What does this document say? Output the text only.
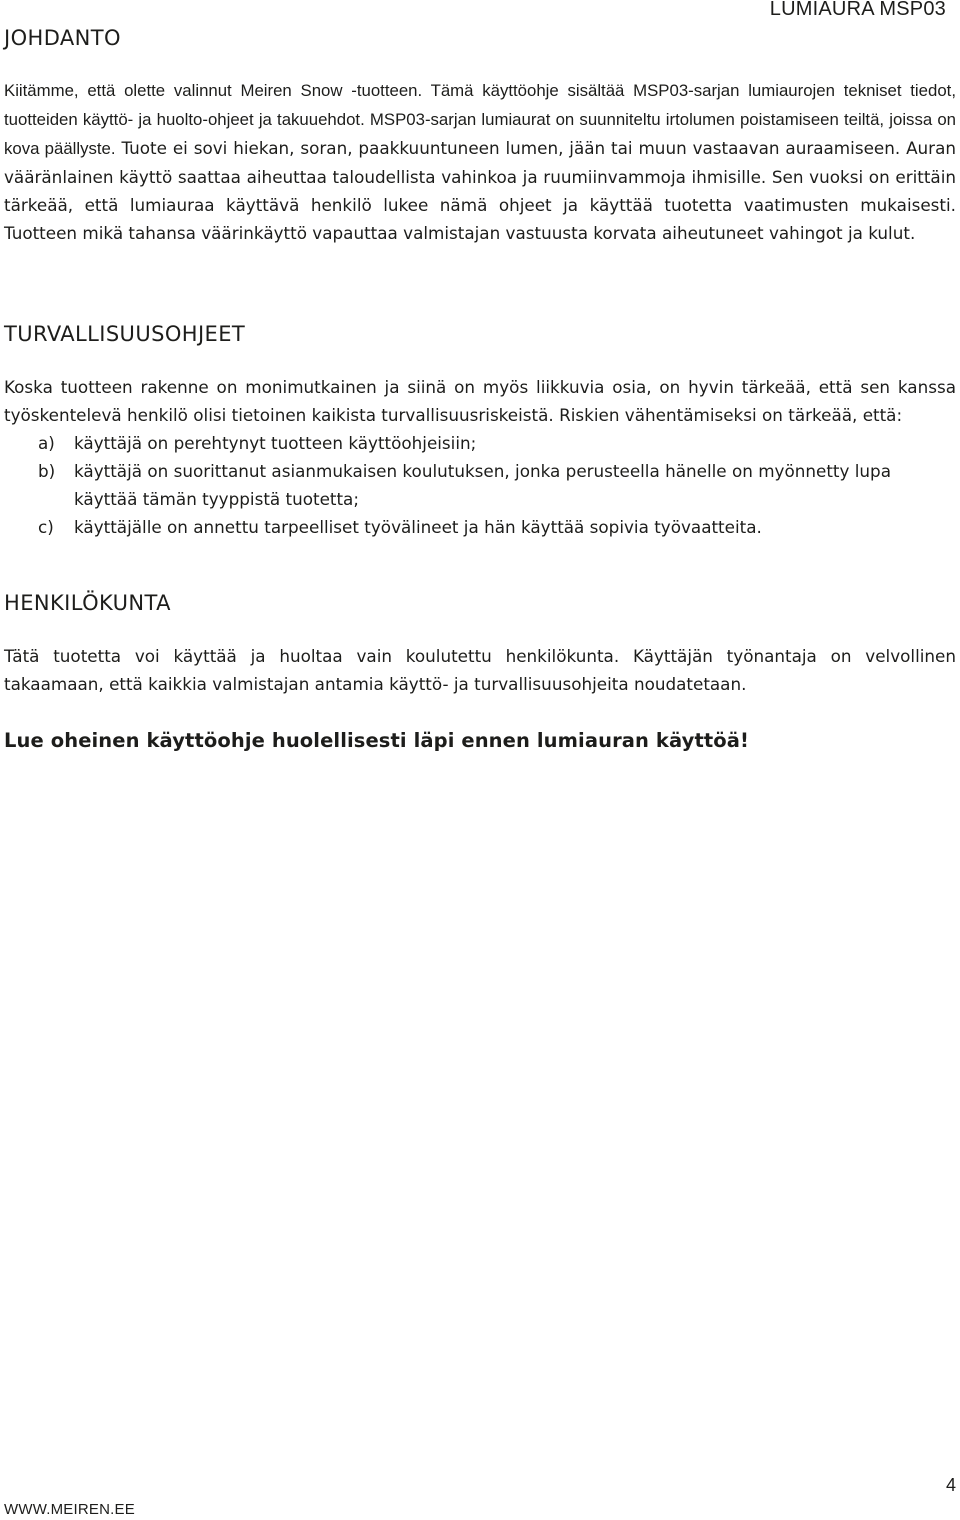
LUMIAURA MSP03
JOHDANTO

Kiitämme, että olette valinnut Meiren Snow -tuotteen. Tämä käyttöohje sisältää MSP03-sarjan lumiaurojen tekniset tiedot, tuotteiden käyttö- ja huolto-ohjeet ja takuuehdot. MSP03-sarjan lumiaurat on suunniteltu irtolumen poistamiseen teiltä, joissa on kova päällyste. Tuote ei sovi hiekan, soran, paakkuuntuneen lumen, jään tai muun vastaavan auraamiseen. Auran vääränlainen käyttö saattaa aiheuttaa taloudellista vahinkoa ja ruumiinvammoja ihmisille. Sen vuoksi on erittäin tärkeää, että lumiauraa käyttävä henkilö lukee nämä ohjeet ja käyttää tuotetta vaatimusten mukaisesti. Tuotteen mikä tahansa väärinkäyttö vapauttaa valmistajan vastuusta korvata aiheutuneet vahingot ja kulut.

TURVALLISUUSOHJEET

Koska tuotteen rakenne on monimutkainen ja siinä on myös liikkuvia osia, on hyvin tärkeää, että sen kanssa työskentelevä henkilö olisi tietoinen kaikista turvallisuusriskeistä. Riskien vähentämiseksi on tärkeää, että:

a) käyttäjä on perehtynyt tuotteen käyttöohjeisiin;
b) käyttäjä on suorittanut asianmukaisen koulutuksen, jonka perusteella hänelle on myönnetty lupa käyttää tämän tyyppistä tuotetta;
c) käyttäjälle on annettu tarpeelliset työvälineet ja hän käyttää sopivia työvaatteita.
HENKILÖKUNTA

Tätä tuotetta voi käyttää ja huoltaa vain koulutettu henkilökunta. Käyttäjän työnantaja on velvollinen takaamaan, että kaikkia valmistajan antamia käyttö- ja turvallisuusohjeita noudatetaan.

Lue oheinen käyttöohje huolellisesti läpi ennen lumiauran käyttöä!

WWW.MEIREN.EE
4
